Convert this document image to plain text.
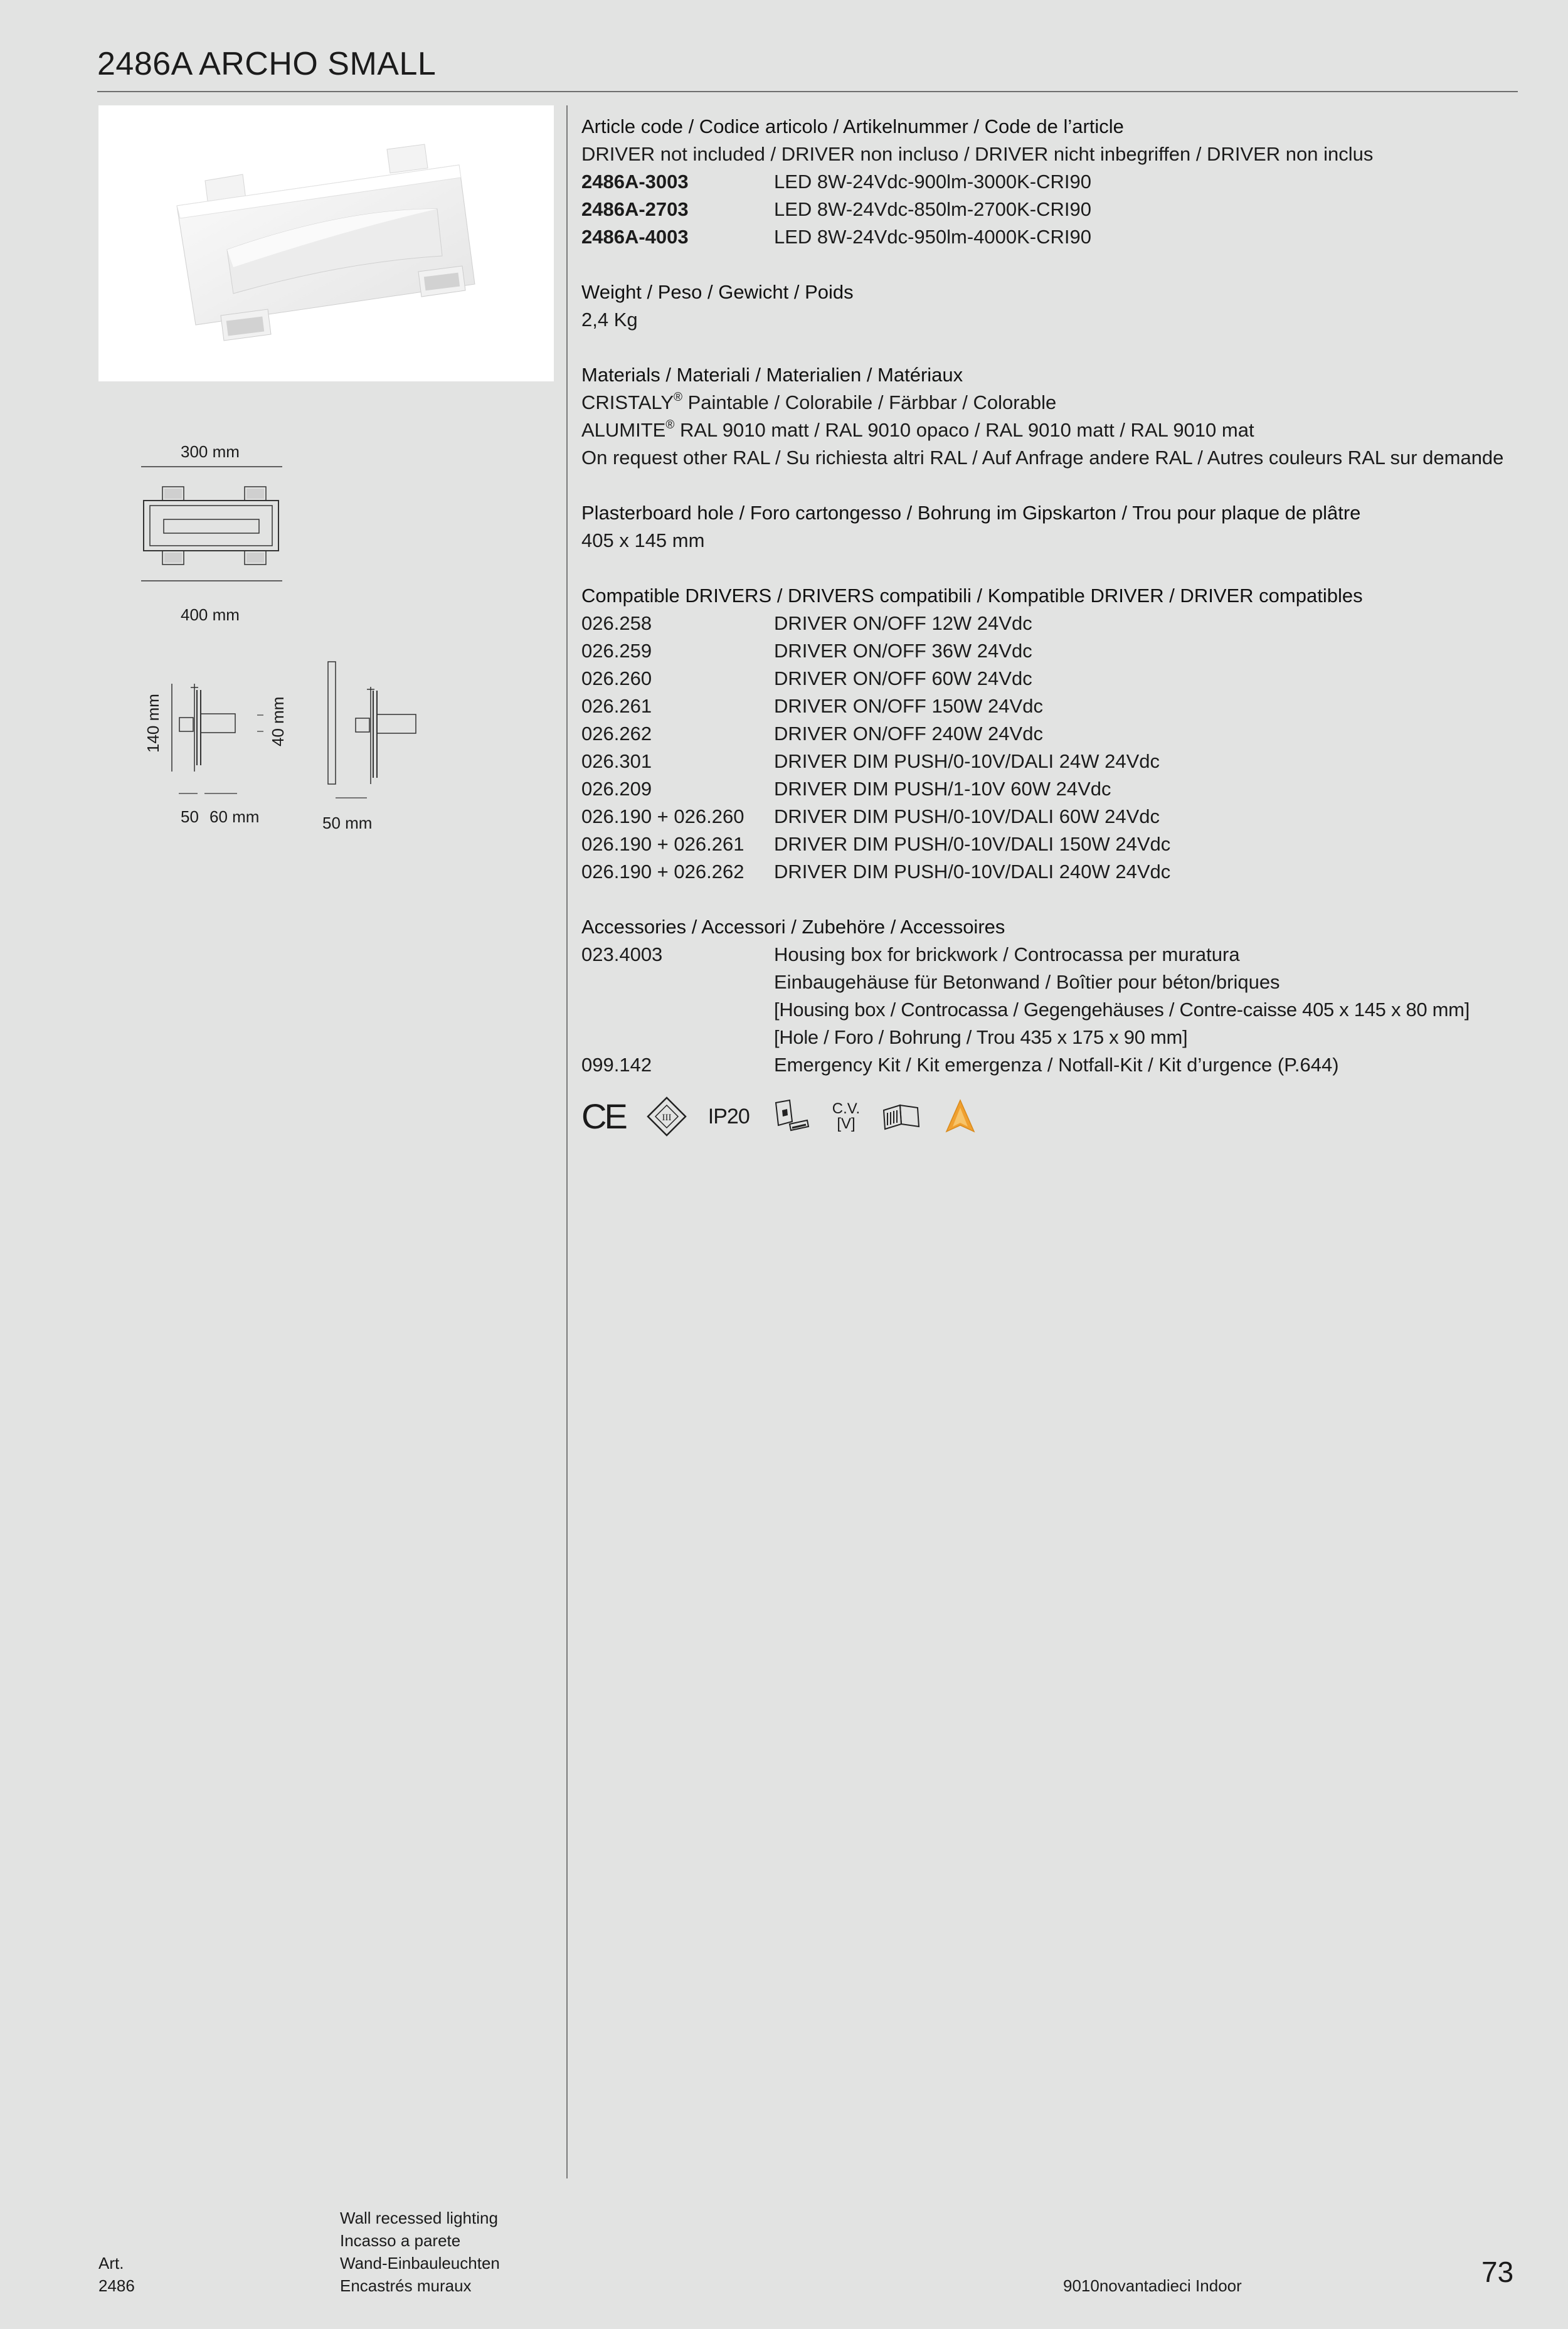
2486A ARCHO SMALL
300 mm
400 mm
140 mm	40 mm
50 60 mm	50 mm
Article code / Codice articolo / Artikelnummer / Code de l’article
DRIVER not included / DRIVER non incluso / DRIVER nicht inbegriffen / DRIVER non inclus
2486A-3003	LED 8W-24Vdc-900lm-3000K-CRI90
2486A-2703	LED 8W-24Vdc-850lm-2700K-CRI90
2486A-4003	LED 8W-24Vdc-950lm-4000K-CRI90
Weight / Peso / Gewicht / Poids
2,4 Kg
Materials / Materiali / Materialien / Matériaux
CRISTALY® Paintable / Colorabile / Färbbar / Colorable
ALUMITE® RAL 9010 matt / RAL 9010 opaco / RAL 9010 matt / RAL 9010 mat
On request other RAL / Su richiesta altri RAL / Auf Anfrage andere RAL / Autres couleurs RAL sur demande
Plasterboard hole / Foro cartongesso / Bohrung im Gipskarton / Trou pour plaque de plâtre
405 x 145 mm
Compatible DRIVERS / DRIVERS compatibili / Kompatible DRIVER / DRIVER compatibles
026.258	DRIVER ON/OFF 12W 24Vdc
026.259	DRIVER ON/OFF 36W 24Vdc
026.260	DRIVER ON/OFF 60W 24Vdc
026.261	DRIVER ON/OFF 150W 24Vdc
026.262	DRIVER ON/OFF 240W 24Vdc
026.301	DRIVER DIM PUSH/0-10V/DALI 24W 24Vdc
026.209	DRIVER DIM PUSH/1-10V 60W 24Vdc
026.190 + 026.260	DRIVER DIM PUSH/0-10V/DALI 60W 24Vdc
026.190 + 026.261	DRIVER DIM PUSH/0-10V/DALI 150W 24Vdc
026.190 + 026.262	DRIVER DIM PUSH/0-10V/DALI 240W 24Vdc
Accessories / Accessori / Zubehöre / Accessoires
023.4003	Housing box for brickwork / Controcassa per muratura
Einbaugehäuse für Betonwand / Boîtier pour béton/briques
[Housing box / Controcassa / Gegengehäuses / Contre-caisse 405 x 145 x 80 mm]
[Hole / Foro / Bohrung / Trou 435 x 175 x 90 mm]
099.142	Emergency Kit / Kit emergenza / Notfall-Kit / Kit d’urgence (P.644)
CE	III IP20	C.V.
[V]
Art.
2486
Wall recessed lighting
Incasso a parete
Wand-Einbauleuchten
Encastrés muraux	9010novantadieci Indoor	73
